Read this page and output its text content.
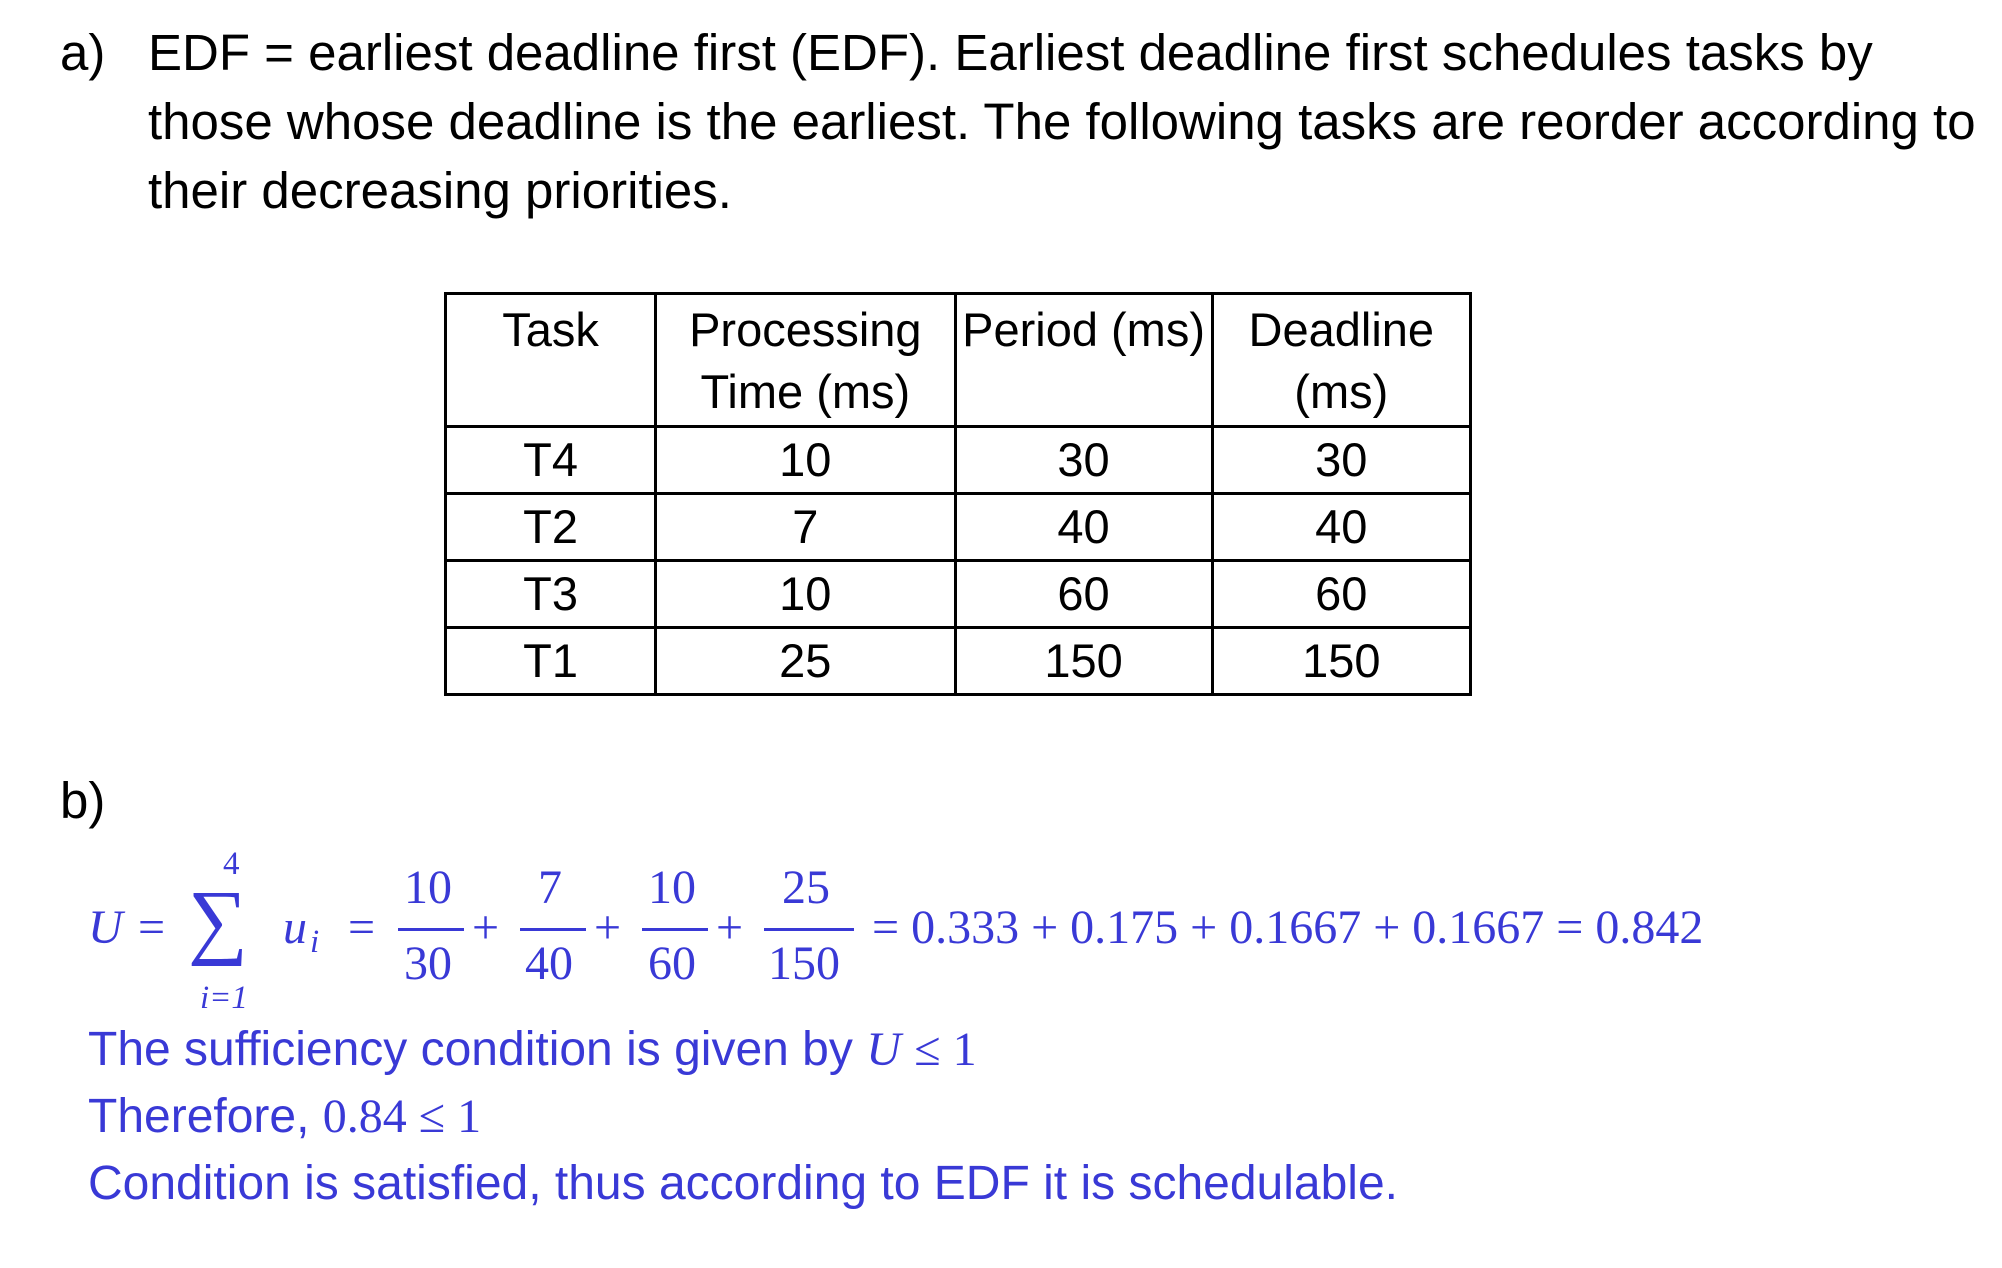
a) EDF = earliest deadline first (EDF). Earliest deadline first schedules tasks by those whose deadline is the earliest. The following tasks are reorder according to their decreasing priorities.
Task	Processing Time (ms)	Period (ms)	Deadline (ms)
T4	10	30	30
T2	7	40	40
T3	10	60	60
T1	25	150	150
b)
U =
4
∑
i=1
u i =
10
30
+
7
40
+
10
60
+
25
150
= 0.333 + 0.175 + 0.1667 + 0.1667 = 0.842
The sufficiency condition is given by U ≤ 1
Therefore, 0.84 ≤ 1
Condition is satisfied, thus according to EDF it is schedulable.
